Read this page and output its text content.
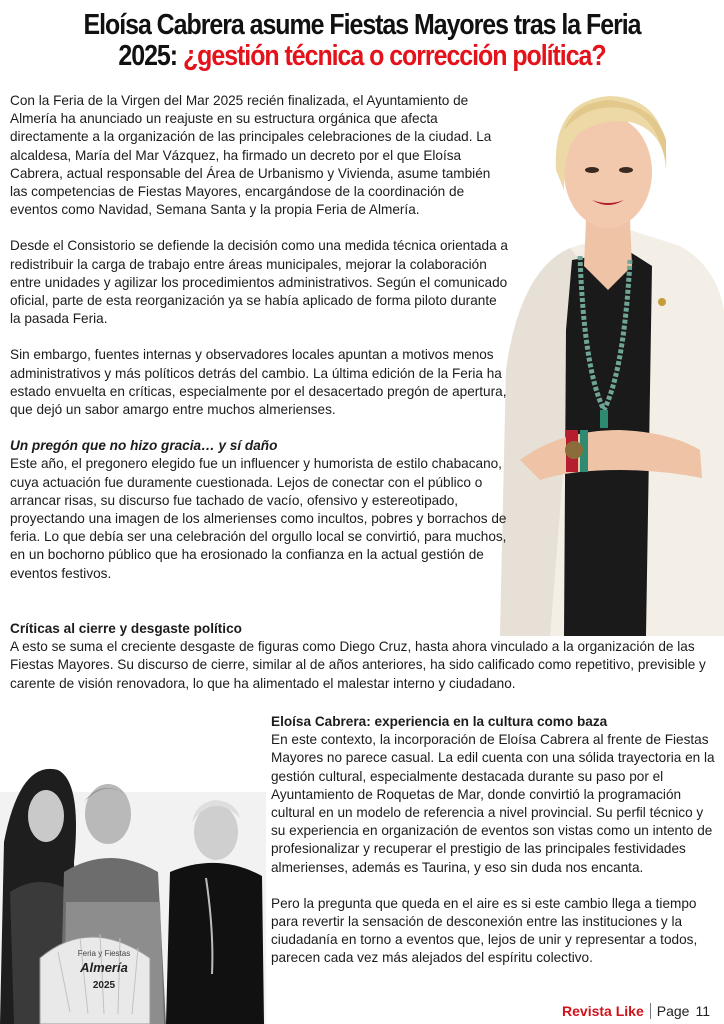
Eloísa Cabrera asume Fiestas Mayores tras la Feria
2025: ¿gestión técnica o corrección política?

Con la Feria de la Virgen del Mar 2025 recién finalizada, el Ayuntamiento de Almería ha anunciado un reajuste en su estructura orgánica que afecta directamente a la organización de las principales celebraciones de la ciudad. La alcaldesa, María del Mar Vázquez, ha firmado un decreto por el que Eloísa Cabrera, actual responsable del Área de Urbanismo y Vivienda, asume también las competencias de Fiestas Mayores, encargándose de la coordinación de eventos como Navidad, Semana Santa y la propia Feria de Almería.

Desde el Consistorio se defiende la decisión como una medida técnica orientada a redistribuir la carga de trabajo entre áreas municipales, mejorar la colaboración entre unidades y agilizar los procedimientos administrativos. Según el comunicado oficial, parte de esta reorganización ya se había aplicado de forma piloto durante la pasada Feria.

Sin embargo, fuentes internas y observadores locales apuntan a motivos menos administrativos y más políticos detrás del cambio. La última edición de la Feria ha estado envuelta en críticas, especialmente por el desacertado pregón de apertura, que dejó un sabor amargo entre muchos almerienses.

Un pregón que no hizo gracia… y sí daño
Este año, el pregonero elegido fue un influencer y humorista de estilo chabacano, cuya actuación fue duramente cuestionada. Lejos de conectar con el público o arrancar risas, su discurso fue tachado de vacío, ofensivo y estereotipado, proyectando una imagen de los almerienses como incultos, pobres y borrachos de feria. Lo que debía ser una celebración del orgullo local se convirtió, para muchos, en un bochorno público que ha erosionado la confianza en la actual gestión de eventos festivos.
Críticas al cierre y desgaste político
A esto se suma el creciente desgaste de figuras como Diego Cruz, hasta ahora vinculado a la organización de las Fiestas Mayores. Su discurso de cierre, similar al de años anteriores, ha sido calificado como repetitivo, previsible y carente de visión renovadora, lo que ha alimentado el malestar interno y ciudadano.
Feria y Fiestas
Almería
2025

Eloísa Cabrera: experiencia en la cultura como baza
En este contexto, la incorporación de Eloísa Cabrera al frente de Fiestas Mayores no parece casual. La edil cuenta con una sólida trayectoria en la gestión cultural, especialmente destacada durante su paso por el Ayuntamiento de Roquetas de Mar, donde convirtió la programación cultural en un modelo de referencia a nivel provincial. Su perfil técnico y su experiencia en organización de eventos son vistas como un intento de profesionalizar y recuperar el prestigio de las principales festividades almerienses, además es Taurina, y eso sin duda nos encanta.

Pero la pregunta que queda en el aire es si este cambio llega a tiempo para revertir la sensación de desconexión entre las instituciones y la ciudadanía en torno a eventos que, lejos de unir y representar a todos, parecen cada vez más alejados del espíritu colectivo.

Revista Like Page 11
